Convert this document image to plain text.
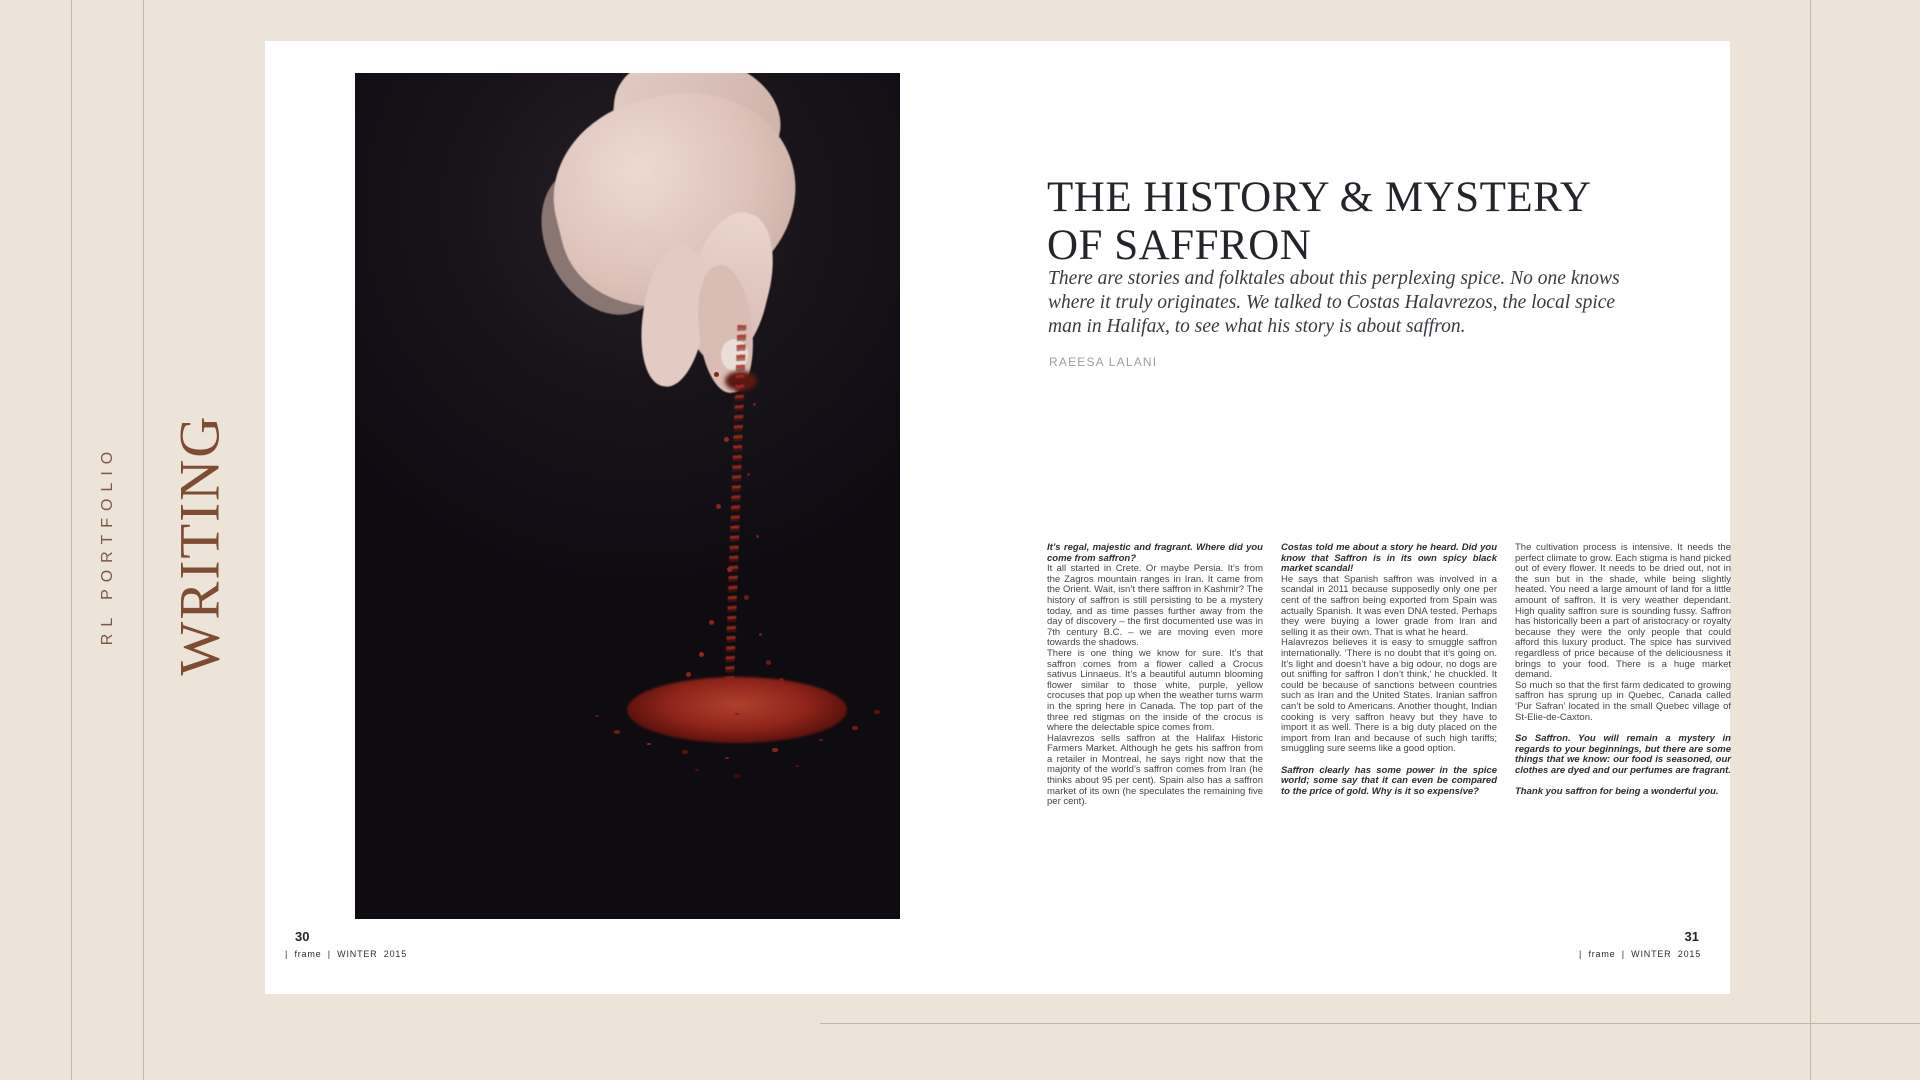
RL PORTFOLIO WRITING
THE HISTORY & MYSTERY
OF SAFFRON
There are stories and folktales about this perplexing spice. No one knows where it truly originates. We talked to Costas Halavrezos, the local spice man in Halifax, to see what his story is about saffron.
RAEESA LALANI

It’s regal, majestic and fragrant. Where did you come from saffron?

It all started in Crete. Or maybe Persia. It’s from the Zagros mountain ranges in Iran. It came from the Orient. Wait, isn’t there saffron in Kashmir? The history of saffron is still persisting to be a mystery today, and as time passes further away from the day of discovery – the first documented use was in 7th century B.C. – we are moving even more towards the shadows.

There is one thing we know for sure. It’s that saffron comes from a flower called a Crocus sativus Linnaeus. It’s a beautiful autumn blooming flower similar to those white, purple, yellow crocuses that pop up when the weather turns warm in the spring here in Canada. The top part of the three red stigmas on the inside of the crocus is where the delectable spice comes from.

Halavrezos sells saffron at the Halifax Historic Farmers Market. Although he gets his saffron from a retailer in Montreal, he says right now that the majority of the world’s saffron comes from Iran (he thinks about 95 per cent). Spain also has a saffron market of its own (he speculates the remaining five per cent).

Costas told me about a story he heard. Did you know that Saffron is in its own spicy black market scandal!

He says that Spanish saffron was involved in a scandal in 2011 because supposedly only one per cent of the saffron being exported from Spain was actually Spanish. It was even DNA tested. Perhaps they were buying a lower grade from Iran and selling it as their own. That is what he heard.

Halavrezos believes it is easy to smuggle saffron internationally. ‘There is no doubt that it’s going on. It’s light and doesn’t have a big odour, no dogs are out sniffing for saffron I don’t think,’ he chuckled. It could be because of sanctions between countries such as Iran and the United States. Iranian saffron can’t be sold to Americans. Another thought, Indian cooking is very saffron heavy but they have to import it as well. There is a big duty placed on the import from Iran and because of such high tariffs; smuggling sure seems like a good option.

Saffron clearly has some power in the spice world; some say that it can even be compared to the price of gold. Why is it so expensive?

The cultivation process is intensive. It needs the perfect climate to grow. Each stigma is hand picked out of every flower. It needs to be dried out, not in the sun but in the shade, while being slightly heated. You need a large amount of land for a little amount of saffron. It is very weather dependant. High quality saffron sure is sounding fussy. Saffron has historically been a part of aristocracy or royalty because they were the only people that could afford this luxury product. The spice has survived regardless of price because of the deliciousness it brings to your food. There is a huge market demand.

So much so that the first farm dedicated to growing saffron has sprung up in Quebec, Canada called ‘Pur Safran’ located in the small Quebec village of St-Elie-de-Caxton.

So Saffron. You will remain a mystery in regards to your beginnings, but there are some things that we know: our food is seasoned, our clothes are dyed and our perfumes are fragrant.

Thank you saffron for being a wonderful you.

30
| frame | WINTER 2015
31
| frame | WINTER 2015
